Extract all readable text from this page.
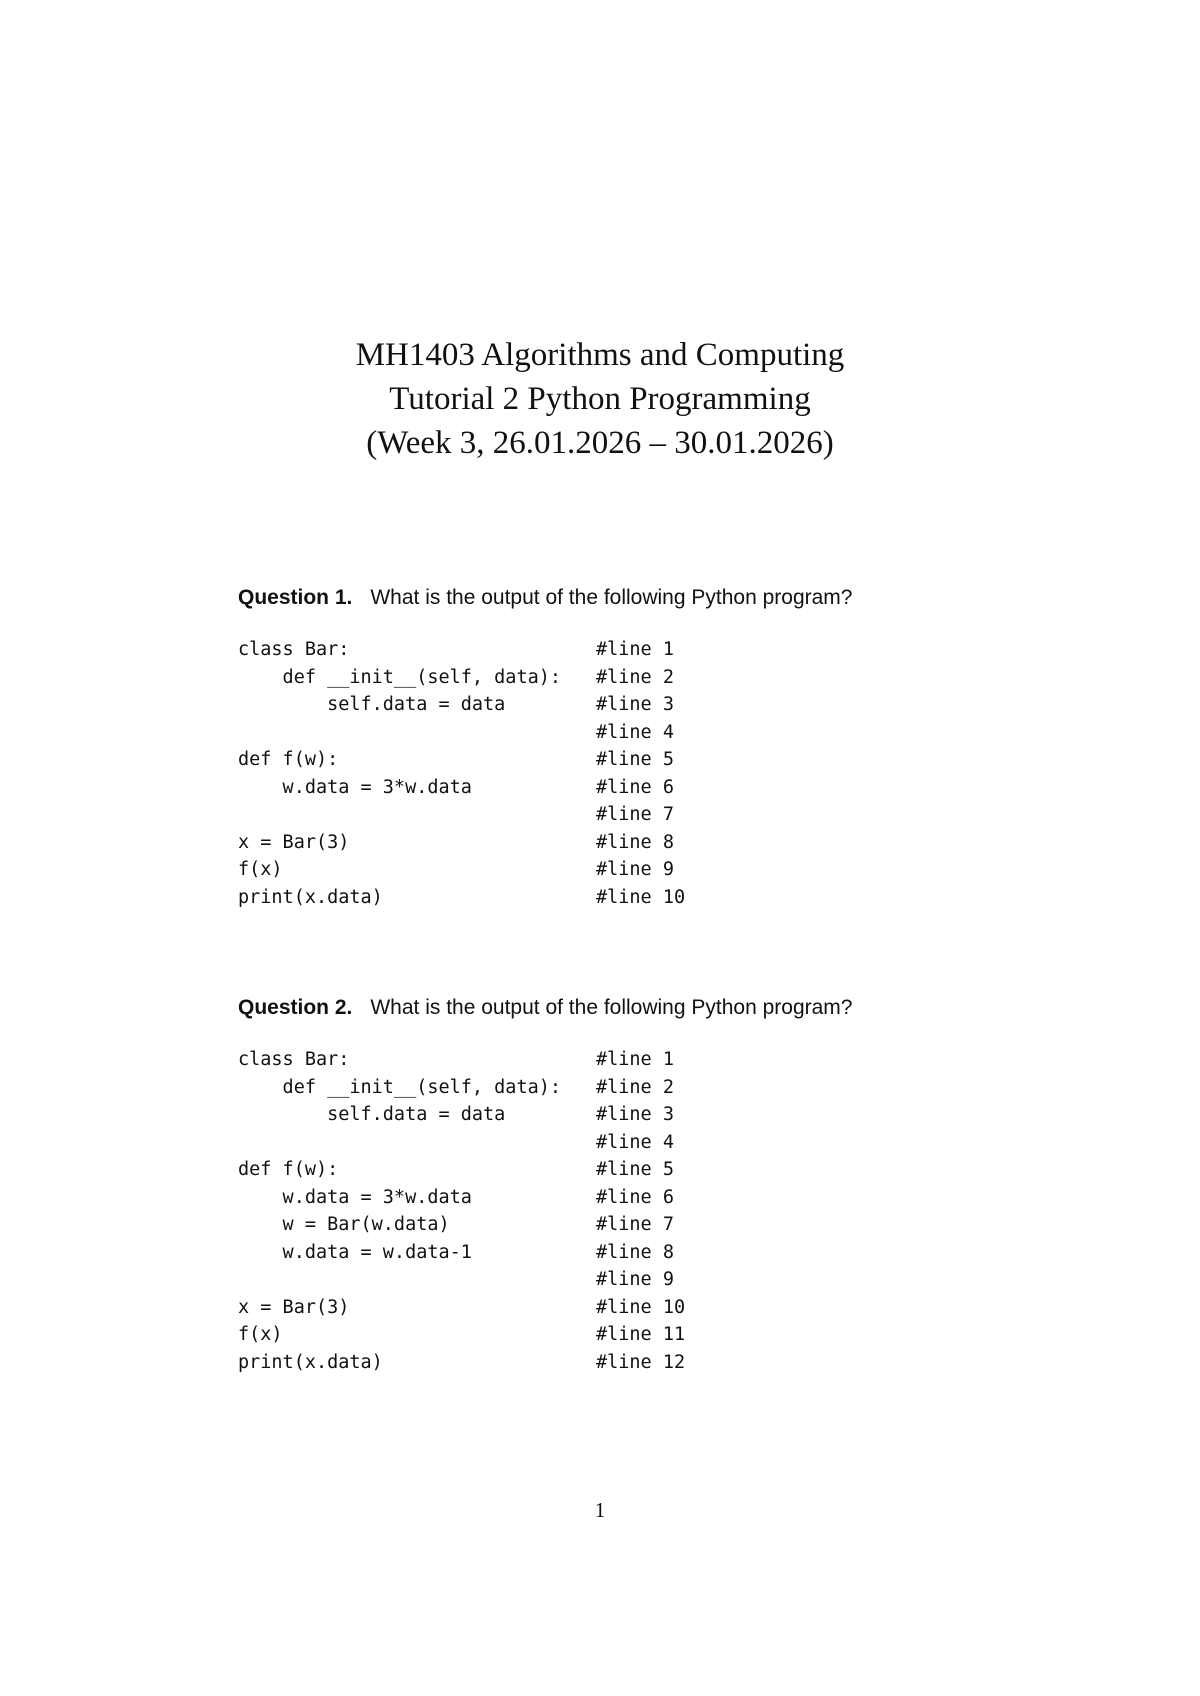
MH1403 Algorithms and Computing

Tutorial 2 Python Programming

(Week 3, 26.01.2026 – 30.01.2026)

Question 1. What is the output of the following Python program?
class Bar:	#line 1
def __init__(self, data):	#line 2
self.data = data	#line 3
#line 4
def f(w):	#line 5
w.data = 3*w.data	#line 6
#line 7
x = Bar(3)	#line 8
f(x)	#line 9
print(x.data)	#line 10
Question 2. What is the output of the following Python program?
class Bar:	#line 1
def __init__(self, data):	#line 2
self.data = data	#line 3
#line 4
def f(w):	#line 5
w.data = 3*w.data	#line 6
w = Bar(w.data)	#line 7
w.data = w.data-1	#line 8
#line 9
x = Bar(3)	#line 10
f(x)	#line 11
print(x.data)	#line 12
1
